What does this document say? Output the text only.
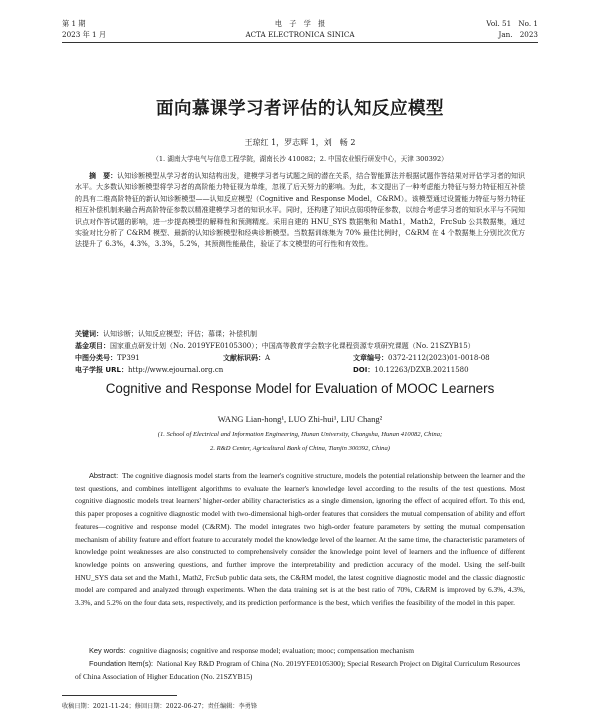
第 1 期	电　子　学　报	Vol. 51　No. 1
2023 年 1 月	ACTA ELECTRONICA SINICA	Jan.　2023
面向慕课学习者评估的认知反应模型
王琼红 1，罗志辉 1，刘　畅 2
（1. 湖南大学电气与信息工程学院，湖南长沙 410082；2. 中国农业银行研发中心，天津 300392）

摘　要：认知诊断模型从学习者的认知结构出发，建模学习者与试题之间的潜在关系，结合智能算法并根据试题作答结果对评估学习者的知识水平。大多数认知诊断模型将学习者的高阶能力特征视为单维，忽视了后天努力的影响。为此，本文提出了一种考虑能力特征与努力特征相互补偿的具有二维高阶特征的新认知诊断模型——认知反应模型（Cognitive and Response Model，C&RM）。该模型通过设置能力特征与努力特征相互补偿机制来融合两高阶特征参数以精准建模学习者的知识水平。同时，还构建了知识点弱项特征参数，以综合考虑学习者的知识水平与不同知识点对作答试题的影响，进一步提高模型的解释性和预测精度。采用自建的 HNU_SYS 数据集和 Math1，Math2，FrcSub 公共数据集，通过实验对比分析了 C&RM 模型、最新的认知诊断模型和经典诊断模型。当数据训练集为 70% 最佳比例时，C&RM 在 4 个数据集上分别比次优方法提升了 6.3%，4.3%，3.3%，5.2%，其预测性能最佳，验证了本文模型的可行性和有效性。

关键词：认知诊断；认知反应模型；评估；慕课；补偿机制
基金项目：国家重点研发计划（No. 2019YFE0105300）；中国高等教育学会数字化课程资源专项研究课题（No. 21SZYB15）
中图分类号：TP391	文献标识码：A	文章编号：0372-2112(2023)01-0018-08
电子学报 URL：http://www.ejournal.org.cn	DOI：10.12263/DZXB.20211580
Cognitive and Response Model for Evaluation of MOOC Learners
WANG Lian-hong¹, LUO Zhi-hui¹, LIU Chang²
(1. School of Electrical and Information Engineering, Hunan University, Changsha, Hunan 410082, China;
2. R&D Center, Agricultural Bank of China, Tianjin 300392, China)

Abstract: The cognitive diagnosis model starts from the learner's cognitive structure, models the potential relationship between the learner and the test questions, and combines intelligent algorithms to evaluate the learner's knowledge level according to the results of the test questions. Most cognitive diagnostic models treat learners' higher-order ability characteristics as a single dimension, ignoring the effect of acquired effort. To this end, this paper proposes a cognitive diagnostic model with two-dimensional high-order features that considers the mutual compensation of ability and effort features—cognitive and response model (C&RM). The model integrates two high-order feature parameters by setting the mutual compensation mechanism of ability feature and effort feature to accurately model the knowledge level of the learner. At the same time, the characteristic parameters of knowledge point weaknesses are also constructed to comprehensively consider the knowledge point level of learners and the influence of different knowledge points on answering questions, and further improve the interpretability and prediction accuracy of the model. Using the self-built HNU_SYS data set and the Math1, Math2, FrcSub public data sets, the C&RM model, the latest cognitive diagnostic model and the classic diagnostic model are compared and analyzed through experiments. When the data training set is at the best ratio of 70%, C&RM is improved by 6.3%, 4.3%, 3.3%, and 5.2% on the four data sets, respectively, and its prediction performance is the best, which verifies the feasibility of the model in this paper.

Key words: cognitive diagnosis; cognitive and response model; evaluation; mooc; compensation mechanism

Foundation Item(s): National Key R&D Program of China (No. 2019YFE0105300); Special Research Project on Digital Curriculum Resources of China Association of Higher Education (No. 21SZYB15)

收稿日期：2021-11-24；修回日期：2022-06-27；责任编辑：李勇锋
